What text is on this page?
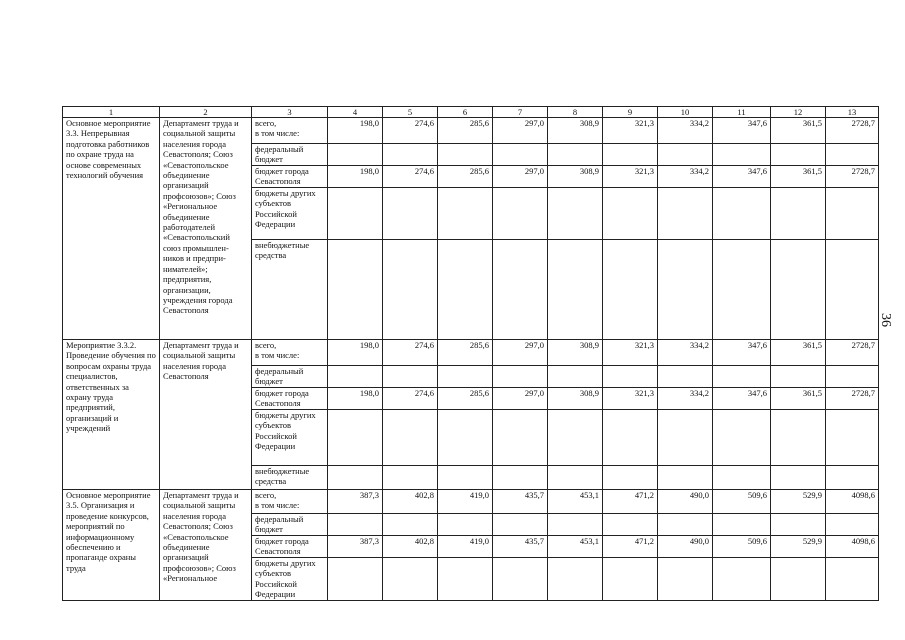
1	2	3	4	5	6	7	8	9	10	11	12	13
Основное мероприятие 3.3. Непрерывная подготовка работников по охране труда на основе современных технологий обучения	Департамент труда и социальной защиты населения города Севастополя; Союз «Севастопольское объединение организаций профсоюзов»; Союз «Региональное объединение работодателей «Севастопольский союз промышлен-ников и предпри-нимателей»; предприятия, организации, учреждения города Севастополя	всего,
в том числе:	198,0	274,6	285,6	297,0	308,9	321,3	334,2	347,6	361,5	2728,7
		федеральный бюджет										
		бюджет города Севастополя	198,0	274,6	285,6	297,0	308,9	321,3	334,2	347,6	361,5	2728,7
		бюджеты других субъектов Российской Федерации										
		внебюджетные средства										
Мероприятие 3.3.2. Проведение обучения по вопросам охраны труда специалистов, ответственных за охрану труда предприятий, организаций и учреждений	Департамент труда и социальной защиты населения города Севастополя	всего,
в том числе:	198,0	274,6	285,6	297,0	308,9	321,3	334,2	347,6	361,5	2728,7
		федеральный бюджет										
		бюджет города Севастополя	198,0	274,6	285,6	297,0	308,9	321,3	334,2	347,6	361,5	2728,7
		бюджеты других субъектов Российской Федерации										
		внебюджетные средства										
Основное мероприятие 3.5. Организация и проведение конкурсов, мероприятий по информационному обеспечению и пропаганде охраны труда	Департамент труда и социальной защиты населения города Севастополя; Союз «Севастопольское объединение организаций профсоюзов»; Союз «Региональное	всего,
в том числе:	387,3	402,8	419,0	435,7	453,1	471,2	490,0	509,6	529,9	4098,6
		федеральный бюджет										
		бюджет города Севастополя	387,3	402,8	419,0	435,7	453,1	471,2	490,0	509,6	529,9	4098,6
		бюджеты других субъектов Российской Федерации										
36
